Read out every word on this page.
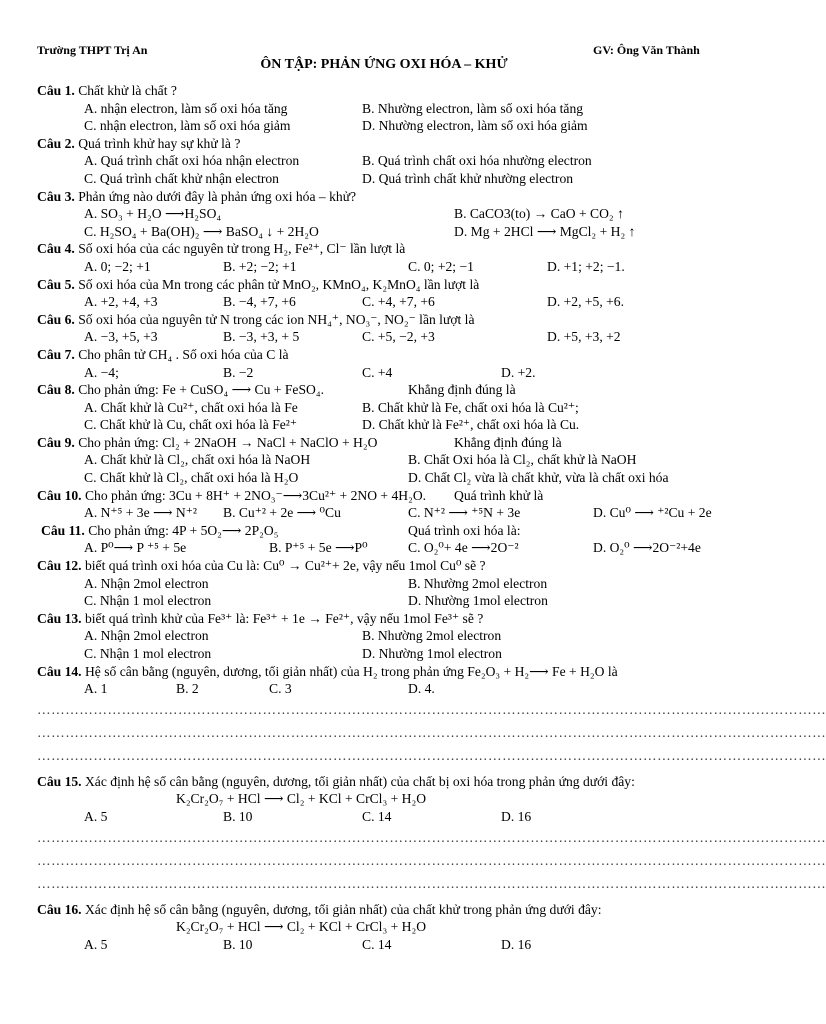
Trường THPT Trị An	GV: Ông Văn Thành
ÔN TẬP: PHẢN ỨNG OXI HÓA – KHỬ
Câu 1. Chất khử là chất ?
A. nhận electron, làm số oxi hóa tăng	B. Nhường electron, làm số oxi hóa tăng
C. nhận electron, làm số oxi hóa giảm	D. Nhường electron, làm số oxi hóa giảm
Câu 2. Quá trình khử hay sự khử là ?
A. Quá trình chất oxi hóa nhận electron	B. Quá trình chất oxi hóa nhường electron
C. Quá trình chất khử nhận electron	D. Quá trình chất khử nhường electron
Câu 3. Phản ứng nào dưới đây là phản ứng oxi hóa – khử?
A. SO₃ + H₂O ⟶H₂SO₄	B. CaCO3(to) → CaO + CO₂ ↑
C. H₂SO₄ + Ba(OH)₂ ⟶ BaSO₄ ↓ + 2H₂O	D. Mg + 2HCl ⟶ MgCl₂ + H₂ ↑
Câu 4. Số oxi hóa của các nguyên tử trong H₂, Fe²⁺, Cl⁻ lần lượt là
A. 0; −2; +1	B. +2; −2; +1	C. 0; +2; −1	D. +1; +2; −1.
Câu 5. Số oxi hóa của Mn trong các phân tử MnO₂, KMnO₄, K₂MnO₄ lần lượt là
A. +2, +4, +3	B. −4, +7, +6	C. +4, +7, +6	D. +2, +5, +6.
Câu 6. Số oxi hóa của nguyên tử N trong các ion NH₄⁺, NO₃⁻, NO₂⁻ lần lượt là
A. −3, +5, +3	B. −3, +3, + 5	C. +5, −2, +3	D. +5, +3, +2
Câu 7. Cho phân tử CH₄ . Số oxi hóa của C là
A. −4;	B. −2	C. +4	D. +2.
Câu 8. Cho phản ứng: Fe + CuSO₄ ⟶ Cu + FeSO₄.	Khẳng định đúng là
A. Chất khử là Cu²⁺, chất oxi hóa là Fe	B. Chất khử là Fe, chất oxi hóa là Cu²⁺;
C. Chất khử là Cu, chất oxi hóa là Fe²⁺	D. Chất khử là Fe²⁺, chất oxi hóa là Cu.
Câu 9. Cho phản ứng: Cl₂ + 2NaOH → NaCl + NaClO + H₂O	Khẳng định đúng là
A. Chất khử là Cl₂, chất oxi hóa là NaOH	B. Chất Oxi hóa là Cl₂, chất khử là NaOH
C. Chất khử là Cl₂, chất oxi hóa là H₂O	D. Chất Cl₂ vừa là chất khử, vừa là chất oxi hóa
Câu 10. Cho phản ứng: 3Cu + 8H⁺ + 2NO₃⁻⟶3Cu²⁺ + 2NO + 4H₂O. Quá trình khử là
A. N⁺⁵ + 3e ⟶ N⁺² B. Cu⁺² + 2e ⟶ ⁰Cu	C. N⁺² ⟶ ⁺⁵N + 3e	D. Cu⁰ ⟶ ⁺²Cu + 2e
Câu 11. Cho phản ứng: 4P + 5O₂⟶ 2P₂O₅	Quá trình oxi hóa là:
A. P⁰⟶ P ⁺⁵ + 5e	B. P⁺⁵ + 5e ⟶P⁰	C. O₂⁰+ 4e ⟶2O⁻²	D. O₂⁰ ⟶2O⁻²+4e
Câu 12. biết quá trình oxi hóa của Cu là: Cu⁰ → Cu²⁺+ 2e, vậy nếu 1mol Cu⁰ sẽ ?
A. Nhận 2mol electron	B. Nhường 2mol electron
C. Nhận 1 mol electron	D. Nhường 1mol electron
Câu 13. biết quá trình khử của Fe³⁺ là: Fe³⁺ + 1e → Fe²⁺, vậy nếu 1mol Fe³⁺ sẽ ?
A. Nhận 2mol electron	B. Nhường 2mol electron
C. Nhận 1 mol electron	D. Nhường 1mol electron
Câu 14. Hệ số cân bằng (nguyên, dương, tối giản nhất) của H₂ trong phản ứng Fe₂O₃ + H₂⟶ Fe + H₂O là
A. 1	B. 2	C. 3	D. 4.
……………………………………………………………………………………………………………………………………………………
……………………………………………………………………………………………………………………………………………………
……………………………………………………………………………………………………………………………………………………
Câu 15. Xác định hệ số cân bằng (nguyên, dương, tối giản nhất) của chất bị oxi hóa trong phản ứng dưới đây:
K₂Cr₂O₇ + HCl ⟶ Cl₂ + KCl + CrCl₃ + H₂O
A. 5	B. 10	C. 14	D. 16
……………………………………………………………………………………………………………………………………………………
……………………………………………………………………………………………………………………………………………………
……………………………………………………………………………………………………………………………………………………
Câu 16. Xác định hệ số cân bằng (nguyên, dương, tối giản nhất) của chất khử trong phản ứng dưới đây:
K₂Cr₂O₇ + HCl ⟶ Cl₂ + KCl + CrCl₃ + H₂O
A. 5	B. 10	C. 14	D. 16
